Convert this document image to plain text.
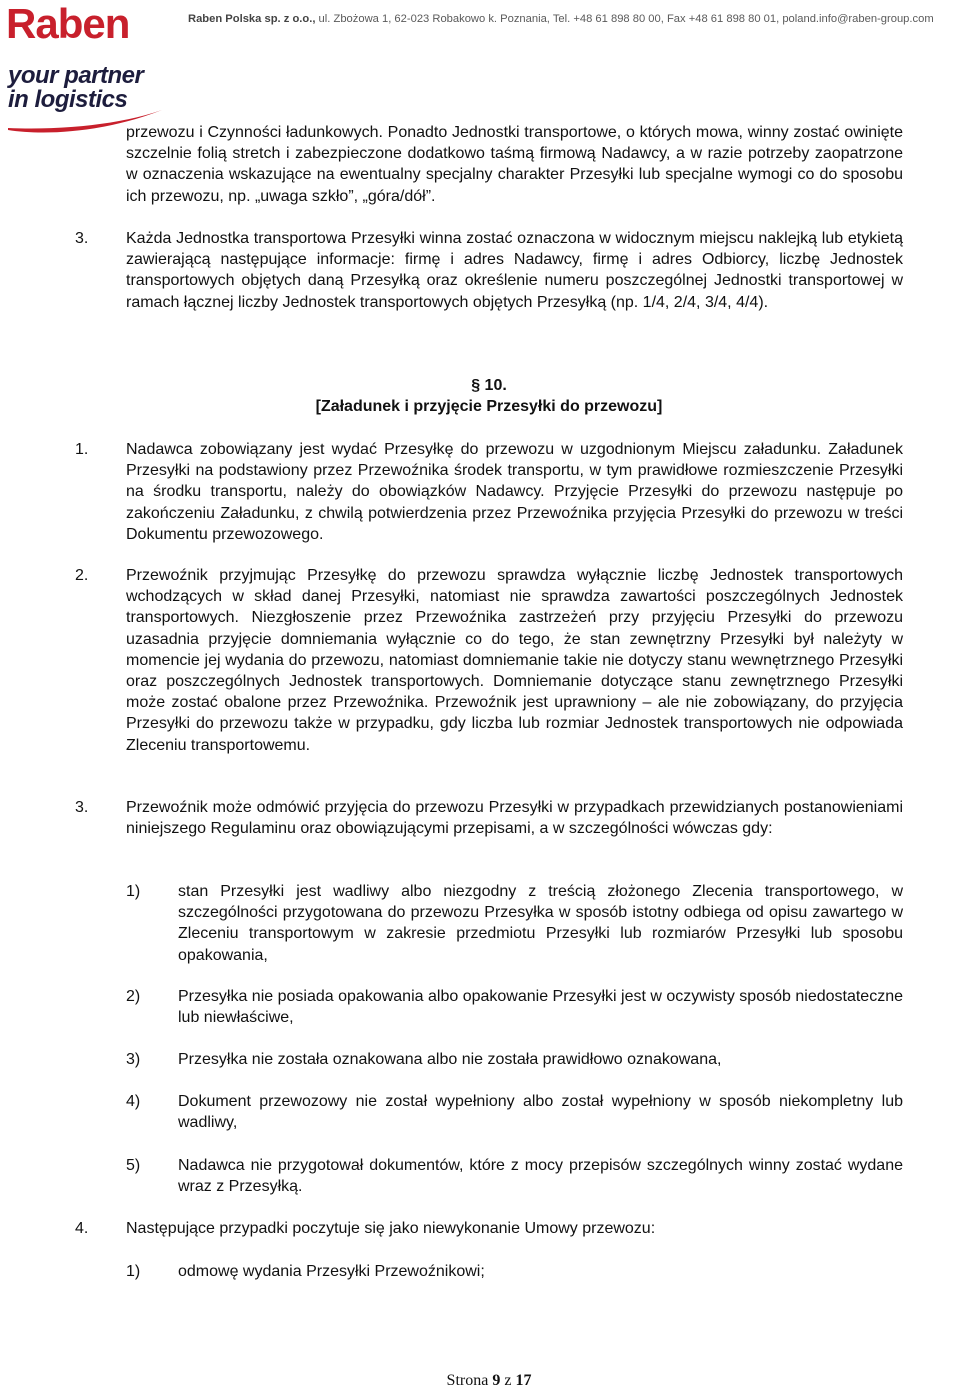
Raben
your partner
in logistics
Raben Polska sp. z o.o., ul. Zbożowa 1, 62-023 Robakowo k. Poznania, Tel. +48 61 898 80 00, Fax +48 61 898 80 01, poland.info@raben-group.com
przewozu i Czynności ładunkowych. Ponadto Jednostki transportowe, o których mowa, winny zostać owinięte szczelnie folią stretch i zabezpieczone dodatkowo taśmą firmową Nadawcy, a w razie potrzeby zaopatrzone w oznaczenia wskazujące na ewentualny specjalny charakter Przesyłki lub specjalne wymogi co do sposobu ich przewozu, np. „uwaga szkło”, „góra/dół”.
3. Każda Jednostka transportowa Przesyłki winna zostać oznaczona w widocznym miejscu naklejką lub etykietą zawierającą następujące informacje: firmę i adres Nadawcy, firmę i adres Odbiorcy, liczbę Jednostek transportowych objętych daną Przesyłką oraz określenie numeru poszczególnej Jednostki transportowej w ramach łącznej liczby Jednostek transportowych objętych Przesyłką (np. 1/4, 2/4, 3/4, 4/4).
§ 10.
[Załadunek i przyjęcie Przesyłki do przewozu]
1. Nadawca zobowiązany jest wydać Przesyłkę do przewozu w uzgodnionym Miejscu załadunku. Załadunek Przesyłki na podstawiony przez Przewoźnika środek transportu, w tym prawidłowe rozmieszczenie Przesyłki na środku transportu, należy do obowiązków Nadawcy. Przyjęcie Przesyłki do przewozu następuje po zakończeniu Załadunku, z chwilą potwierdzenia przez Przewoźnika przyjęcia Przesyłki do przewozu w treści Dokumentu przewozowego.
2. Przewoźnik przyjmując Przesyłkę do przewozu sprawdza wyłącznie liczbę Jednostek transportowych wchodzących w skład danej Przesyłki, natomiast nie sprawdza zawartości poszczególnych Jednostek transportowych. Niezgłoszenie przez Przewoźnika zastrzeżeń przy przyjęciu Przesyłki do przewozu uzasadnia przyjęcie domniemania wyłącznie co do tego, że stan zewnętrzny Przesyłki był należyty w momencie jej wydania do przewozu, natomiast domniemanie takie nie dotyczy stanu wewnętrznego Przesyłki oraz poszczególnych Jednostek transportowych. Domniemanie dotyczące stanu zewnętrznego Przesyłki może zostać obalone przez Przewoźnika. Przewoźnik jest uprawniony – ale nie zobowiązany, do przyjęcia Przesyłki do przewozu także w przypadku, gdy liczba lub rozmiar Jednostek transportowych nie odpowiada Zleceniu transportowemu.
3. Przewoźnik może odmówić przyjęcia do przewozu Przesyłki w przypadkach przewidzianych postanowieniami niniejszego Regulaminu oraz obowiązującymi przepisami, a w szczególności wówczas gdy:
1) stan Przesyłki jest wadliwy albo niezgodny z treścią złożonego Zlecenia transportowego, w szczególności przygotowana do przewozu Przesyłka w sposób istotny odbiega od opisu zawartego w Zleceniu transportowym w zakresie przedmiotu Przesyłki lub rozmiarów Przesyłki lub sposobu opakowania,
2) Przesyłka nie posiada opakowania albo opakowanie Przesyłki jest w oczywisty sposób niedostateczne lub niewłaściwe,
3) Przesyłka nie została oznakowana albo nie została prawidłowo oznakowana,
4) Dokument przewozowy nie został wypełniony albo został wypełniony w sposób niekompletny lub wadliwy,
5) Nadawca nie przygotował dokumentów, które z mocy przepisów szczególnych winny zostać wydane wraz z Przesyłką.
4. Następujące przypadki poczytuje się jako niewykonanie Umowy przewozu:
1) odmowę wydania Przesyłki Przewoźnikowi;
Strona 9 z 17
